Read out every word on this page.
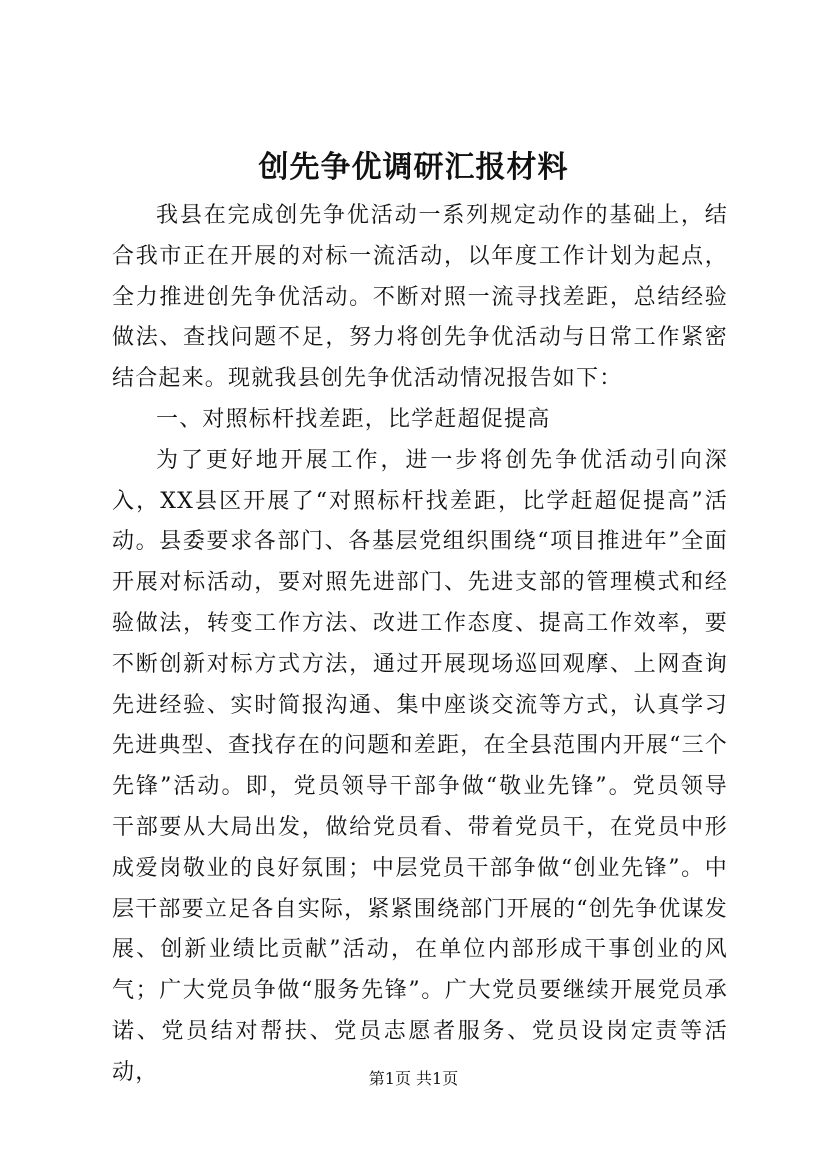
创先争优调研汇报材料

我县在完成创先争优活动一系列规定动作的基础上，结合我市正在开展的对标一流活动，以年度工作计划为起点，全力推进创先争优活动。不断对照一流寻找差距，总结经验做法、查找问题不足，努力将创先争优活动与日常工作紧密结合起来。现就我县创先争优活动情况报告如下：

一、对照标杆找差距，比学赶超促提高

为了更好地开展工作，进一步将创先争优活动引向深入，XX县区开展了“对照标杆找差距，比学赶超促提高”活动。县委要求各部门、各基层党组织围绕“项目推进年”全面开展对标活动，要对照先进部门、先进支部的管理模式和经验做法，转变工作方法、改进工作态度、提高工作效率，要不断创新对标方式方法，通过开展现场巡回观摩、上网查询先进经验、实时简报沟通、集中座谈交流等方式，认真学习先进典型、查找存在的问题和差距，在全县范围内开展“三个先锋”活动。即，党员领导干部争做“敬业先锋”。党员领导干部要从大局出发，做给党员看、带着党员干，在党员中形成爱岗敬业的良好氛围；中层党员干部争做“创业先锋”。中层干部要立足各自实际，紧紧围绕部门开展的“创先争优谋发展、创新业绩比贡献”活动，在单位内部形成干事创业的风气；广大党员争做“服务先锋”。广大党员要继续开展党员承诺、党员结对帮扶、党员志愿者服务、党员设岗定责等活动，	第1页 共1页
